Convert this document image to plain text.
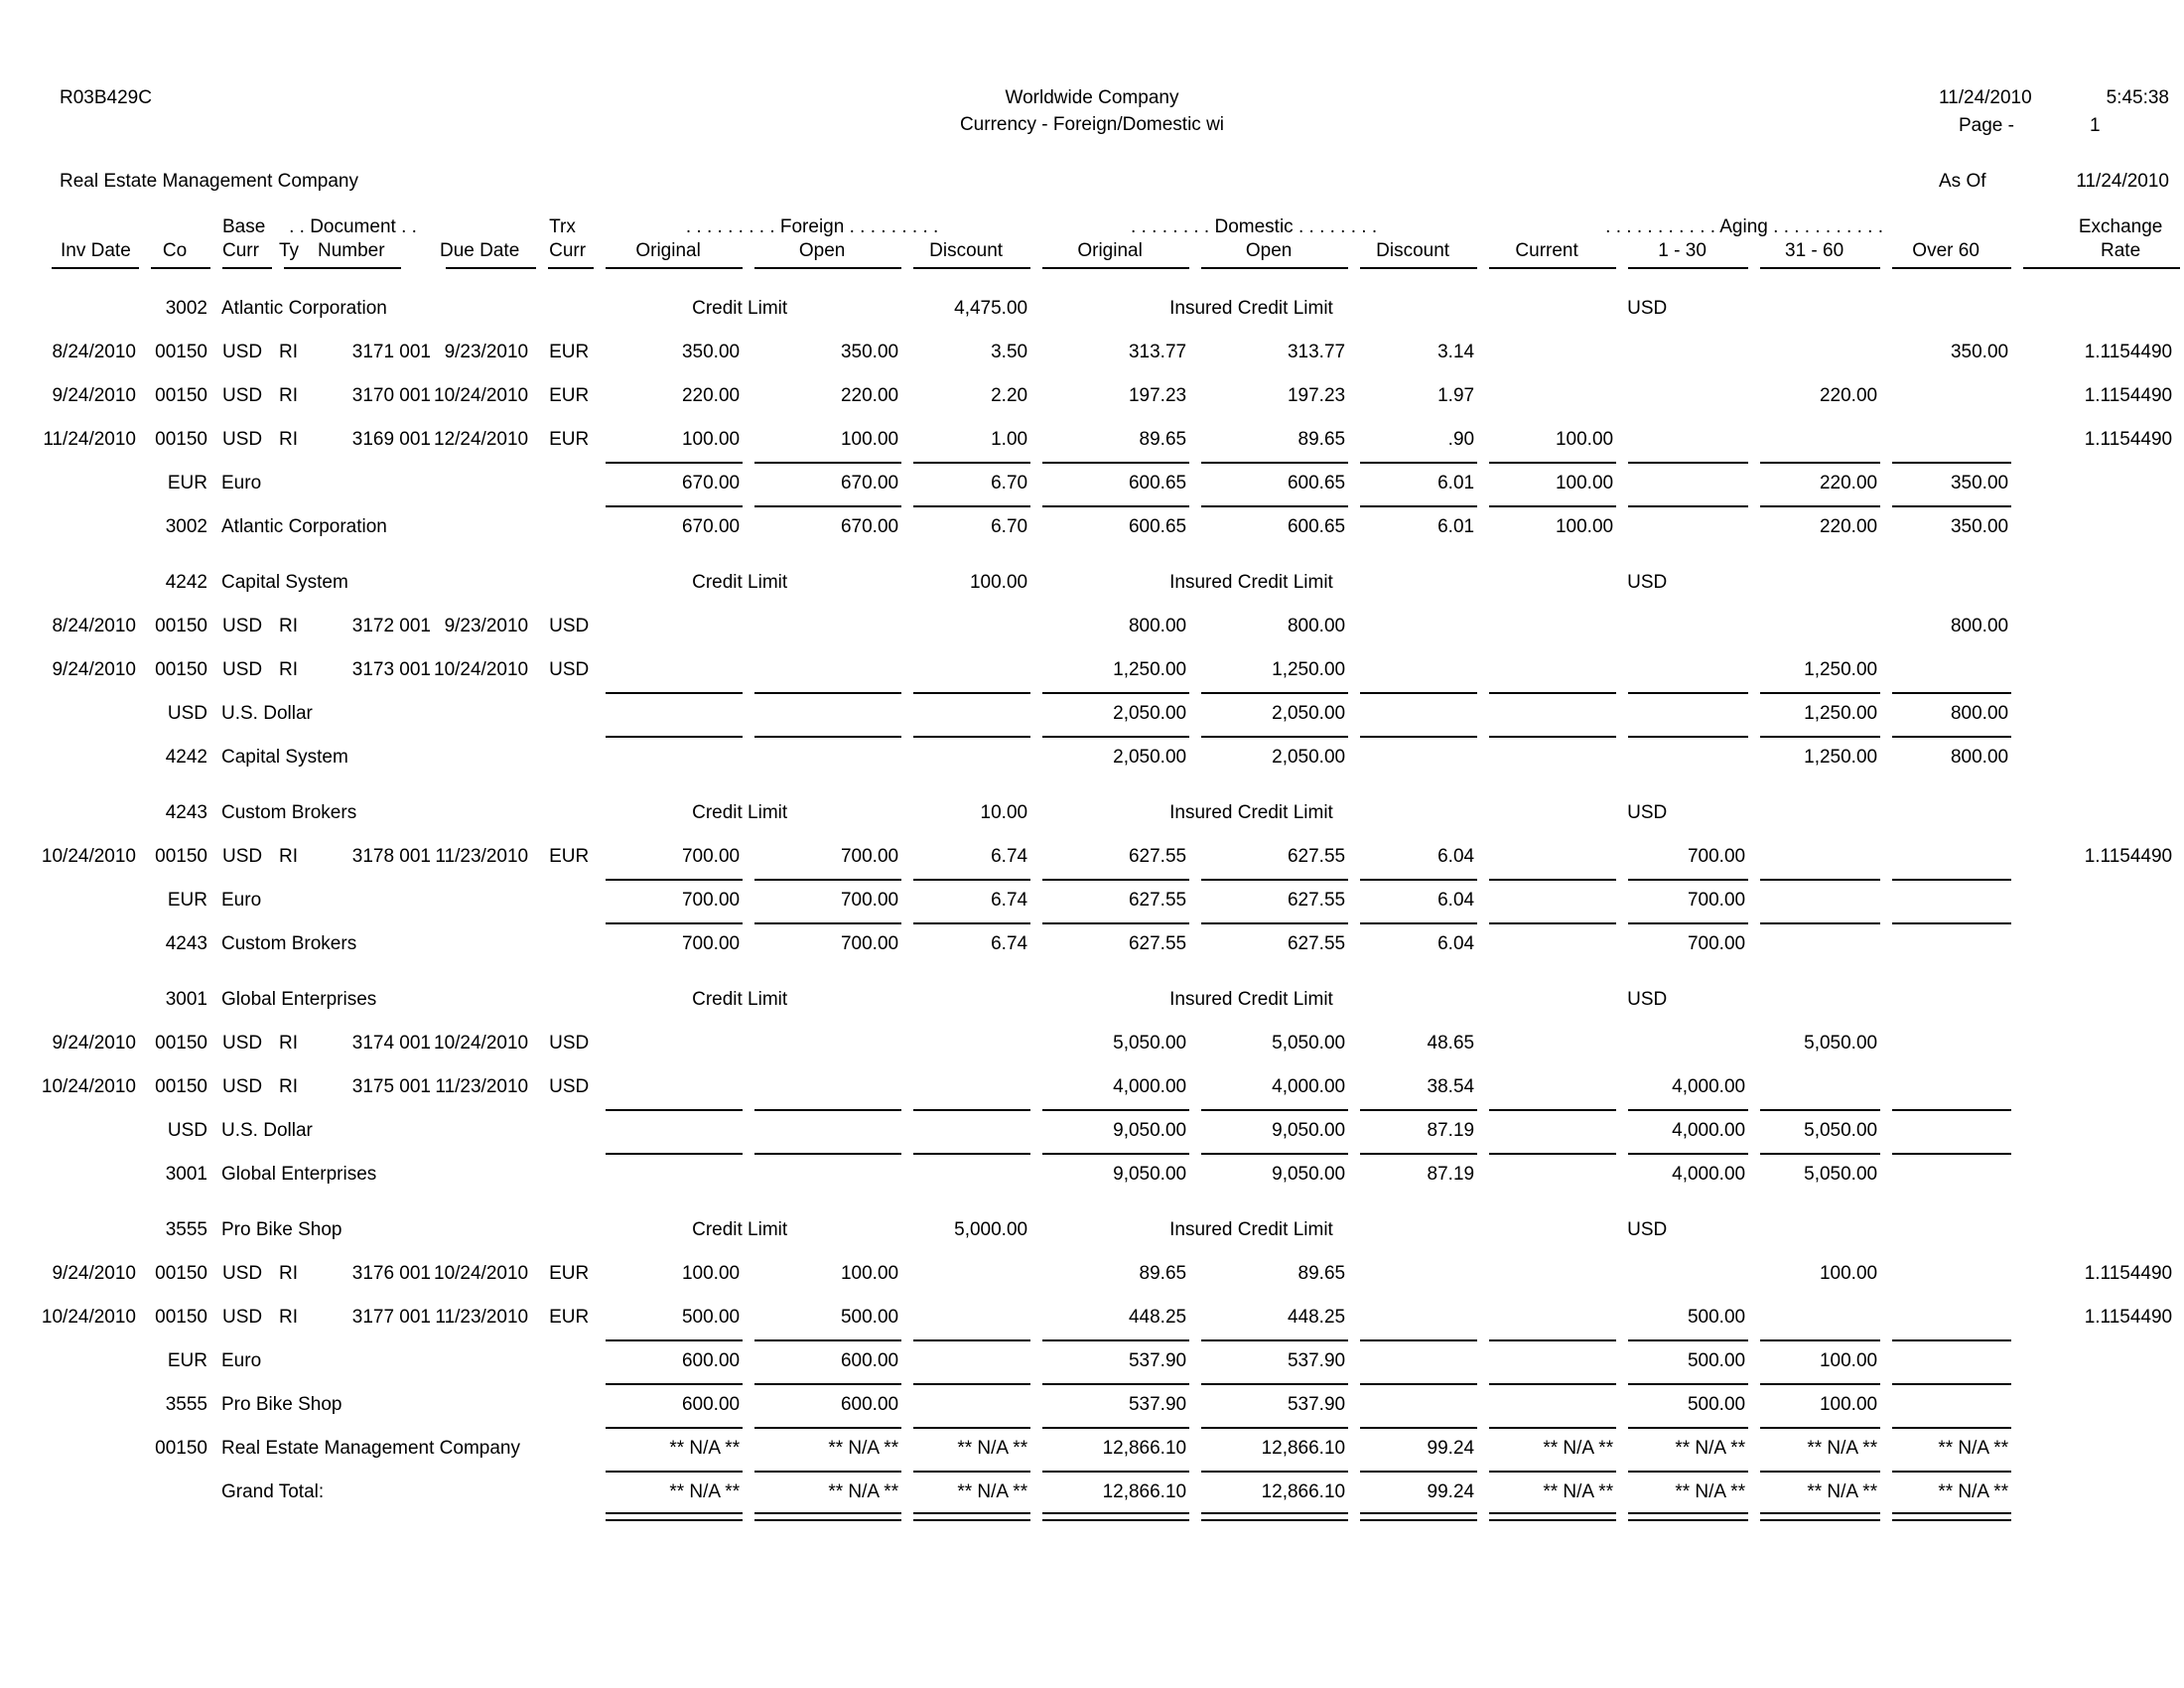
R03B429C	Worldwide Company
Currency - Foreign/Domestic wi
11/24/2010	5:45:38
Page -	1
Real Estate Management Company	As Of	11/24/2010
		Base	. . Document . .			Trx	. . . . . . . . . Foreign . . . . . . . . .			. . . . . . . . Domestic . . . . . . . .			. . . . . . . . . . . Aging . . . . . . . . . . .				Exchange
Inv Date	Co	Curr	Ty	Number	Due Date	Curr	Original	Open	Discount	Original	Open	Discount	Current	1 - 30	31 - 60	Over 60	Rate

	3002	Atlantic Corporation					Credit Limit		4,475.00	Insured Credit Limit				USD			
8/24/2010	00150	USD	RI	3171 001	9/23/2010	EUR	350.00	350.00	3.50	313.77	313.77	3.14				350.00	1.1154490
9/24/2010	00150	USD	RI	3170 001	10/24/2010	EUR	220.00	220.00	2.20	197.23	197.23	1.97			220.00		1.1154490
11/24/2010	00150	USD	RI	3169 001	12/24/2010	EUR	100.00	100.00	1.00	89.65	89.65	.90	100.00				1.1154490
	EUR	Euro					670.00	670.00	6.70	600.65	600.65	6.01	100.00		220.00	350.00	
	3002	Atlantic Corporation					670.00	670.00	6.70	600.65	600.65	6.01	100.00		220.00	350.00	

	4242	Capital System					Credit Limit		100.00	Insured Credit Limit				USD			
8/24/2010	00150	USD	RI	3172 001	9/23/2010	USD				800.00	800.00					800.00	
9/24/2010	00150	USD	RI	3173 001	10/24/2010	USD				1,250.00	1,250.00				1,250.00		
	USD	U.S. Dollar								2,050.00	2,050.00				1,250.00	800.00	
	4242	Capital System								2,050.00	2,050.00				1,250.00	800.00	

	4243	Custom Brokers					Credit Limit		10.00	Insured Credit Limit				USD			
10/24/2010	00150	USD	RI	3178 001	11/23/2010	EUR	700.00	700.00	6.74	627.55	627.55	6.04		700.00			1.1154490
	EUR	Euro					700.00	700.00	6.74	627.55	627.55	6.04		700.00			
	4243	Custom Brokers					700.00	700.00	6.74	627.55	627.55	6.04		700.00			

	3001	Global Enterprises					Credit Limit			Insured Credit Limit				USD			
9/24/2010	00150	USD	RI	3174 001	10/24/2010	USD				5,050.00	5,050.00	48.65			5,050.00		
10/24/2010	00150	USD	RI	3175 001	11/23/2010	USD				4,000.00	4,000.00	38.54		4,000.00			
	USD	U.S. Dollar								9,050.00	9,050.00	87.19		4,000.00	5,050.00		
	3001	Global Enterprises								9,050.00	9,050.00	87.19		4,000.00	5,050.00		

	3555	Pro Bike Shop					Credit Limit		5,000.00	Insured Credit Limit				USD			
9/24/2010	00150	USD	RI	3176 001	10/24/2010	EUR	100.00	100.00		89.65	89.65				100.00		1.1154490
10/24/2010	00150	USD	RI	3177 001	11/23/2010	EUR	500.00	500.00		448.25	448.25			500.00			1.1154490
	EUR	Euro					600.00	600.00		537.90	537.90			500.00	100.00		
	3555	Pro Bike Shop					600.00	600.00		537.90	537.90			500.00	100.00		
	00150	Real Estate Management Company					** N/A **	** N/A **	** N/A **	12,866.10	12,866.10	99.24	** N/A **	** N/A **	** N/A **	** N/A **	
		Grand Total:					** N/A **	** N/A **	** N/A **	12,866.10	12,866.10	99.24	** N/A **	** N/A **	** N/A **	** N/A **	
